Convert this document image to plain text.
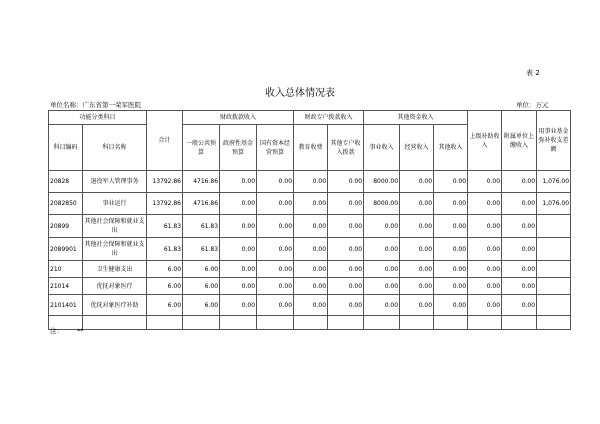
表 2
收入总体情况表
单位名称：广东省第一荣军医院	单位：万元
功能分类科目		合计	财政拨款收入			财政专户拨款收入		其他资金收入			上级补助收入	附属单位上缴收入	用事业基金弥补收支差额
科目编码	科目名称		一般公共预算	政府性基金预算	国有资本经营预算	教育收费	其他专户收入拨款	事业收入	经营收入	其他收入			

20828	退役军人管理事务	13792.86	4716.86	0.00	0.00	0.00	0.00	8000.00	0.00	0.00	0.00	0.00	1,076.00
2082850	事业运行	13792.86	4716.86	0.00	0.00	0.00	0.00	8000.00	0.00	0.00	0.00	0.00	1,076.00
20899	其他社会保障和就业支出	61.83	61.83	0.00	0.00	0.00	0.00	0.00	0.00	0.00	0.00	0.00	
2089901	其他社会保障和就业支出	61.83	61.83	0.00	0.00	0.00	0.00	0.00	0.00	0.00	0.00	0.00	
210	卫生健康支出	6.00	6.00	0.00	0.00	0.00	0.00	0.00	0.00	0.00	0.00	0.00	
21014	优抚对象医疗	6.00	6.00	0.00	0.00	0.00	0.00	0.00	0.00	0.00	0.00	0.00	
2101401	优抚对象医疗补助	6.00	6.00	0.00	0.00	0.00	0.00	0.00	0.00	0.00	0.00	0.00	

注： **
